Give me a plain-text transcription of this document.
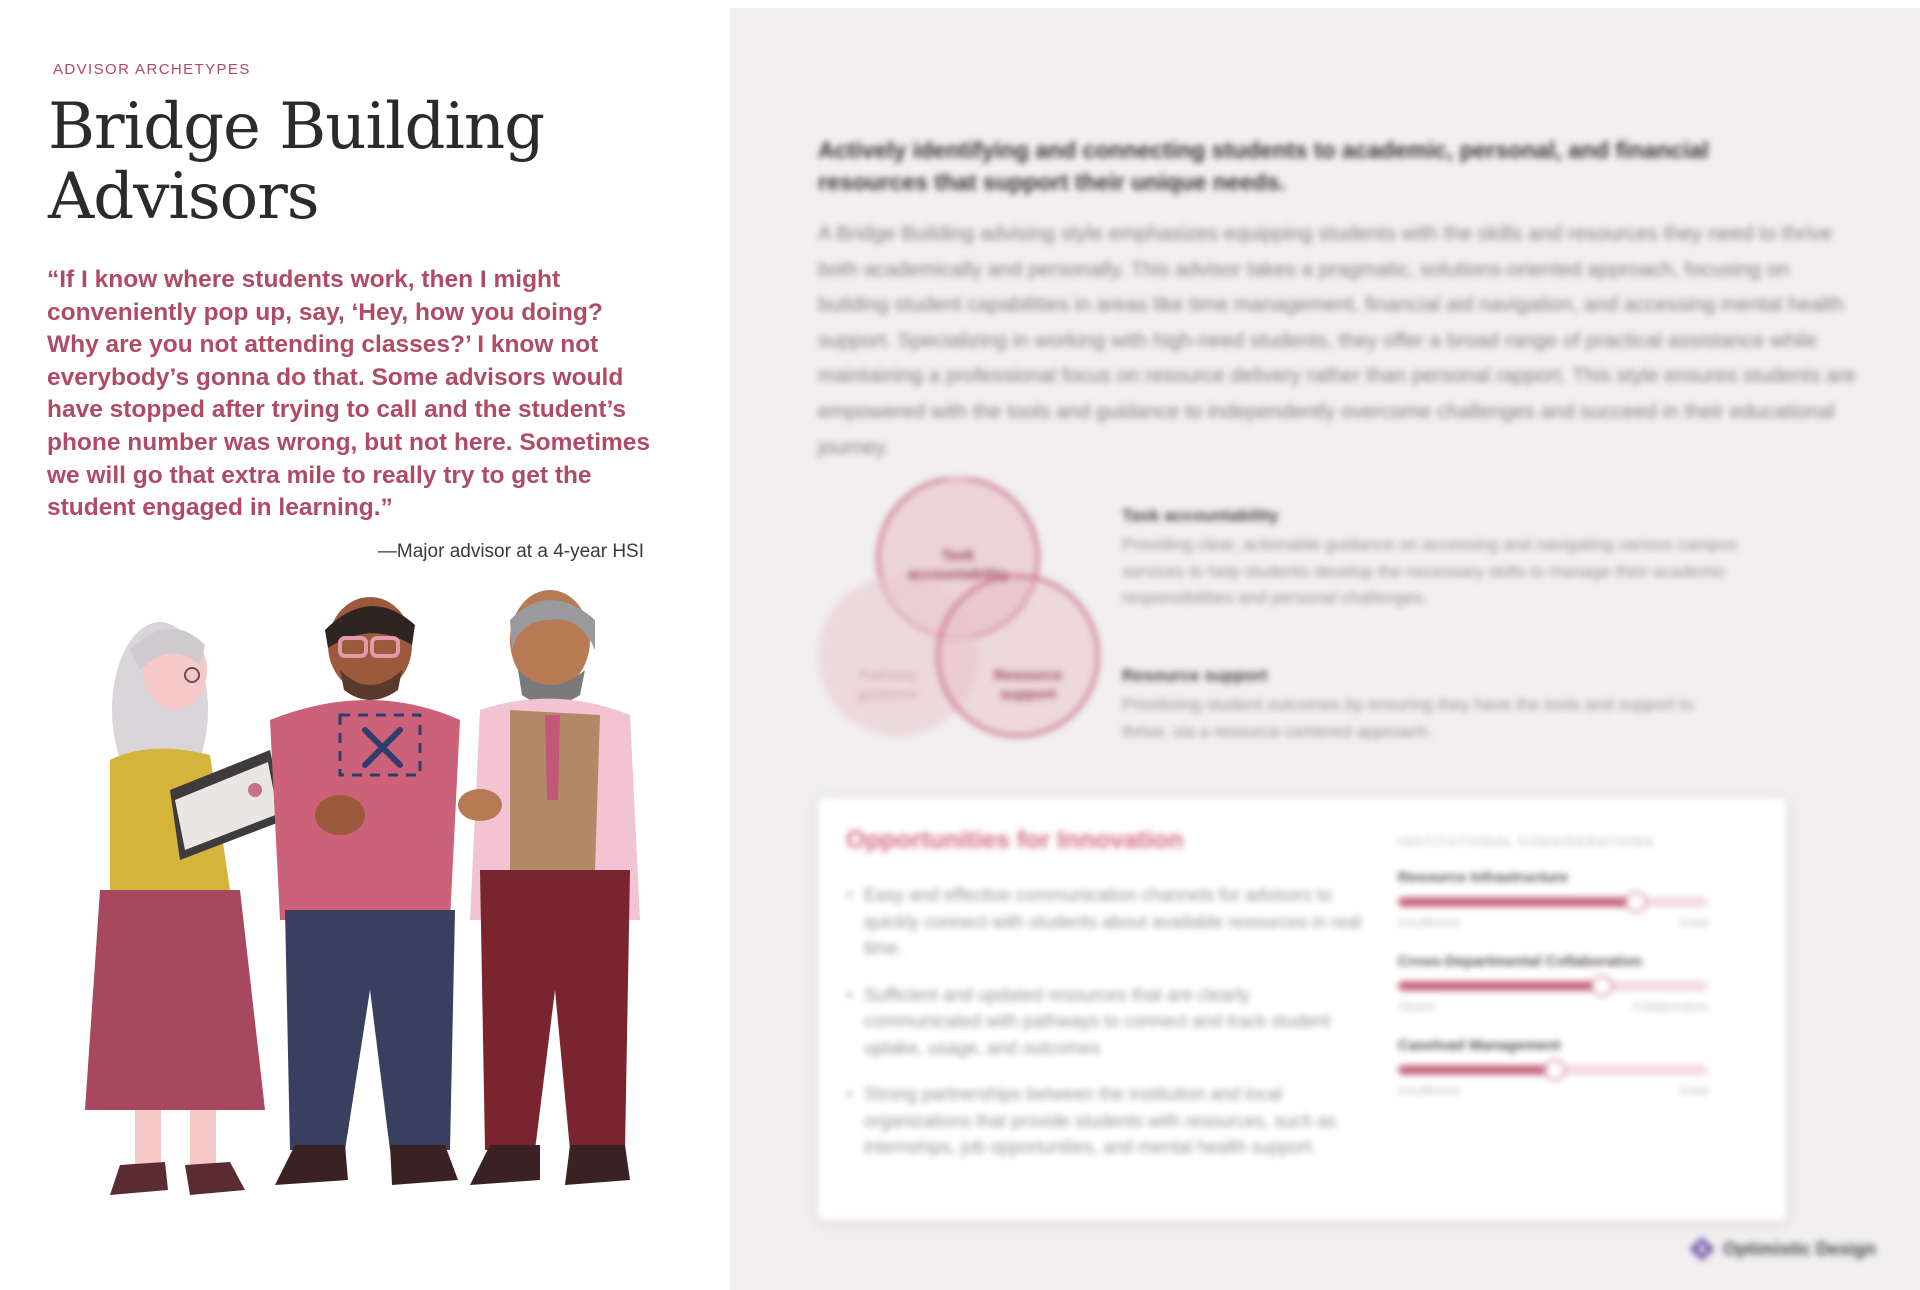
ADVISOR ARCHETYPES
Bridge Building
Advisors

“If I know where students work, then I might conveniently pop up, say, ‘Hey, how you doing? Why are you not attending classes?’ I know not everybody’s gonna do that. Some advisors would have stopped after trying to call and the student’s phone number was wrong, but not here. Sometimes we will go that extra mile to really try to get the student engaged in learning.”

—Major advisor at a 4-year HSI

Actively identifying and connecting students to academic, personal, and financial resources that support their unique needs.

A Bridge Building advising style emphasizes equipping students with the skills and resources they need to thrive both academically and personally. This advisor takes a pragmatic, solutions-oriented approach, focusing on building student capabilities in areas like time management, financial aid navigation, and accessing mental health support. Specializing in working with high-need students, they offer a broad range of practical assistance while maintaining a professional focus on resource delivery rather than personal rapport. This style ensures students are empowered with the tools and guidance to independently overcome challenges and succeed in their educational journey.

Task
accountability
Pathway
guidance
Resource
support
Task accountability
Providing clear, actionable guidance on accessing and navigating various campus services to help students develop the necessary skills to manage their academic responsibilities and personal challenges.
Resource support
Prioritizing student outcomes by ensuring they have the tools and support to thrive, via a resource-centered approach.
Opportunities for Innovation
• Easy and effective communication channels for advisors to quickly connect with students about available resources in real time.
• Sufficient and updated resources that are clearly communicated with pathways to connect and track student uptake, usage, and outcomes
• Strong partnerships between the institution and local organizations that provide students with resources, such as internships, job opportunities, and mental health support.
INSTITUTIONAL CONSIDERATIONS
Resource Infrastructure
Insufficient	Solid
Cross-Departmental Collaboration
Siloed	Collaborative
Caseload Management
Insufficient	Solid
Optimistic Design
